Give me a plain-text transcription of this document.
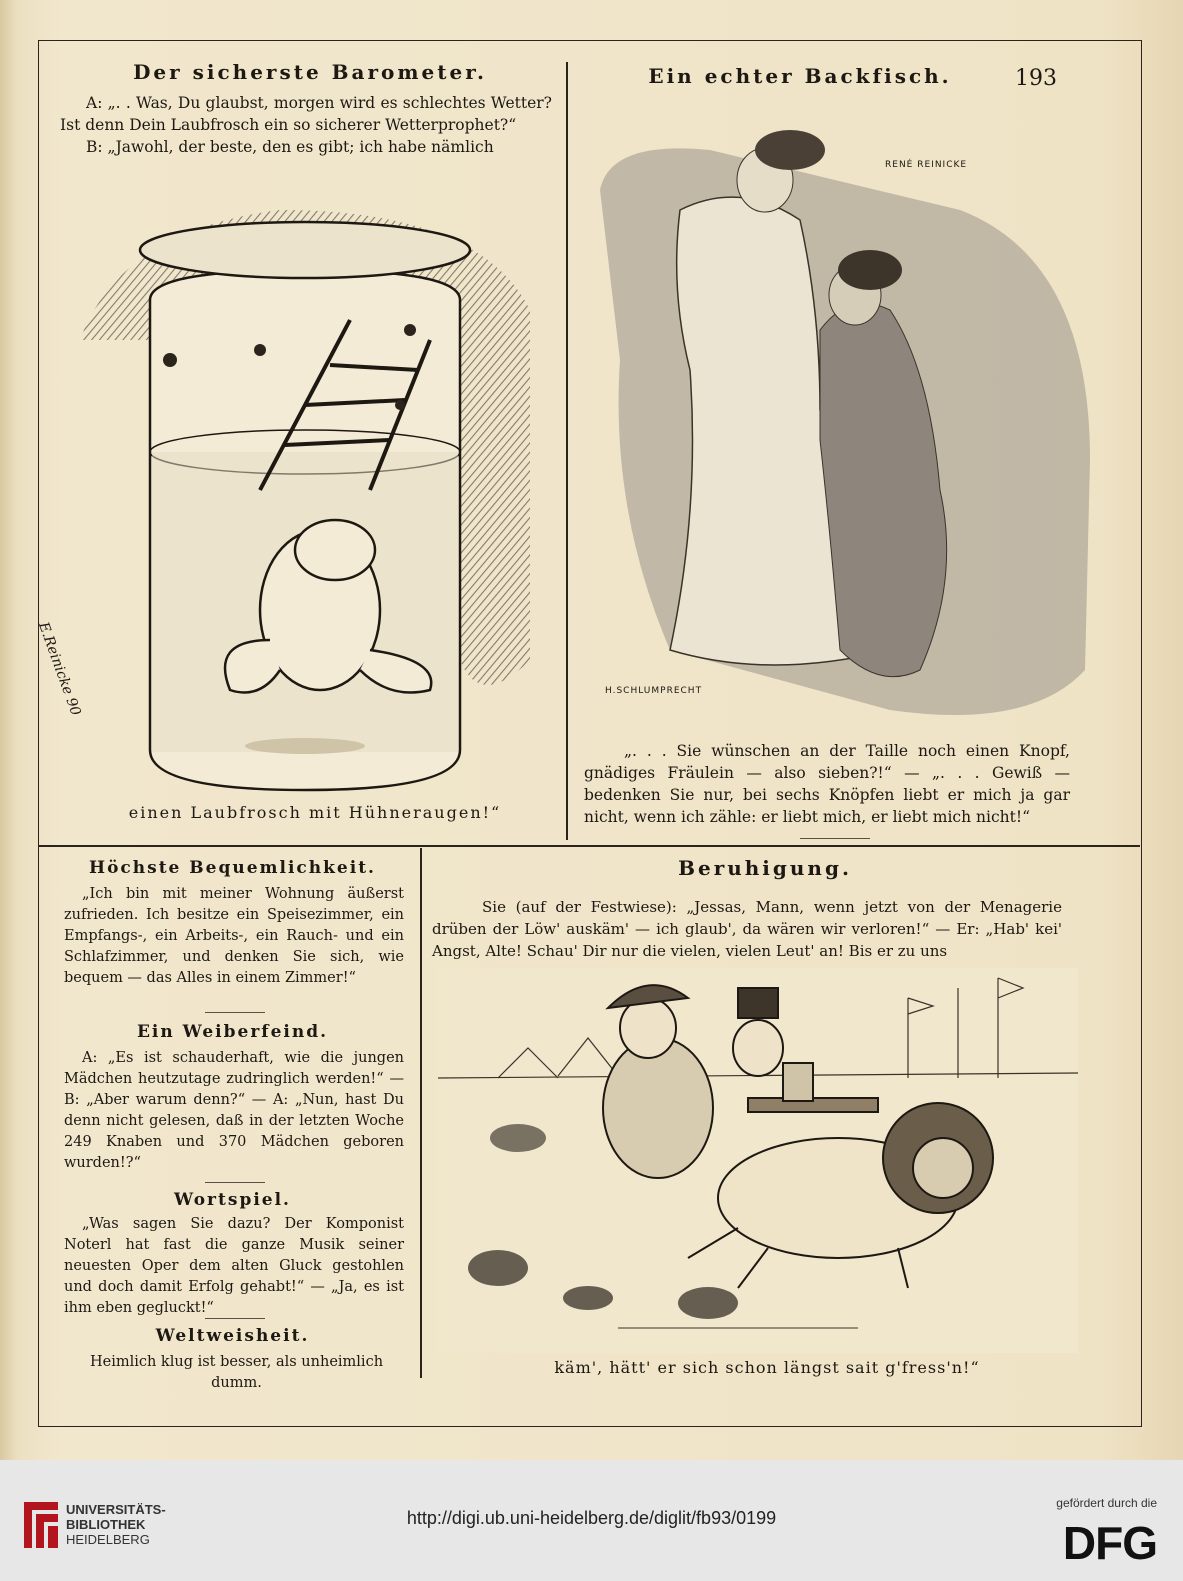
Der sicherste Barometer.	Ein echter Backfisch.	193

A: „. . Was, Du glaubst, morgen wird es schlechtes Wetter? Ist denn Dein Laubfrosch ein so sicherer Wetterprophet?“

B: „Jawohl, der beste, den es gibt; ich habe nämlich

E.Reinicke 90
einen Laubfrosch mit Hühneraugen!“
RENÉ REINICKE
H.SCHLUMPRECHT

„. . . Sie wünschen an der Taille noch einen Knopf, gnädiges Fräulein — also sieben?!“ — „. . . Gewiß — bedenken Sie nur, bei sechs Knöpfen liebt er mich ja gar nicht, wenn ich zähle: er liebt mich, er liebt mich nicht!“

Höchste Bequemlichkeit.

„Ich bin mit meiner Wohnung äußerst zufrieden. Ich besitze ein Speisezimmer, ein Empfangs-, ein Arbeits-, ein Rauch- und ein Schlafzimmer, und denken Sie sich, wie bequem — das Alles in einem Zimmer!“

Ein Weiberfeind.

A: „Es ist schauderhaft, wie die jungen Mädchen heutzutage zudringlich werden!“ — B: „Aber warum denn?“ — A: „Nun, hast Du denn nicht gelesen, daß in der letzten Woche 249 Knaben und 370 Mädchen geboren wurden!?“

Wortspiel.

„Was sagen Sie dazu? Der Komponist Noterl hat fast die ganze Musik seiner neuesten Oper dem alten Gluck gestohlen und doch damit Erfolg gehabt!“ — „Ja, es ist ihm eben gegluckt!“

Weltweisheit.

Heimlich klug ist besser, als unheimlich dumm.

Beruhigung.

Sie (auf der Festwiese): „Jessas, Mann, wenn jetzt von der Menagerie drüben der Löw' auskäm' — ich glaub', da wären wir verloren!“ — Er: „Hab' kei' Angst, Alte! Schau' Dir nur die vielen, vielen Leut' an! Bis er zu uns

käm', hätt' er sich schon längst sait g'fress'n!“
UNIVERSITÄTS-
BIBLIOTHEK
HEIDELBERG
http://digi.ub.uni-heidelberg.de/diglit/fb93/0199
gefördert durch die
DFG
